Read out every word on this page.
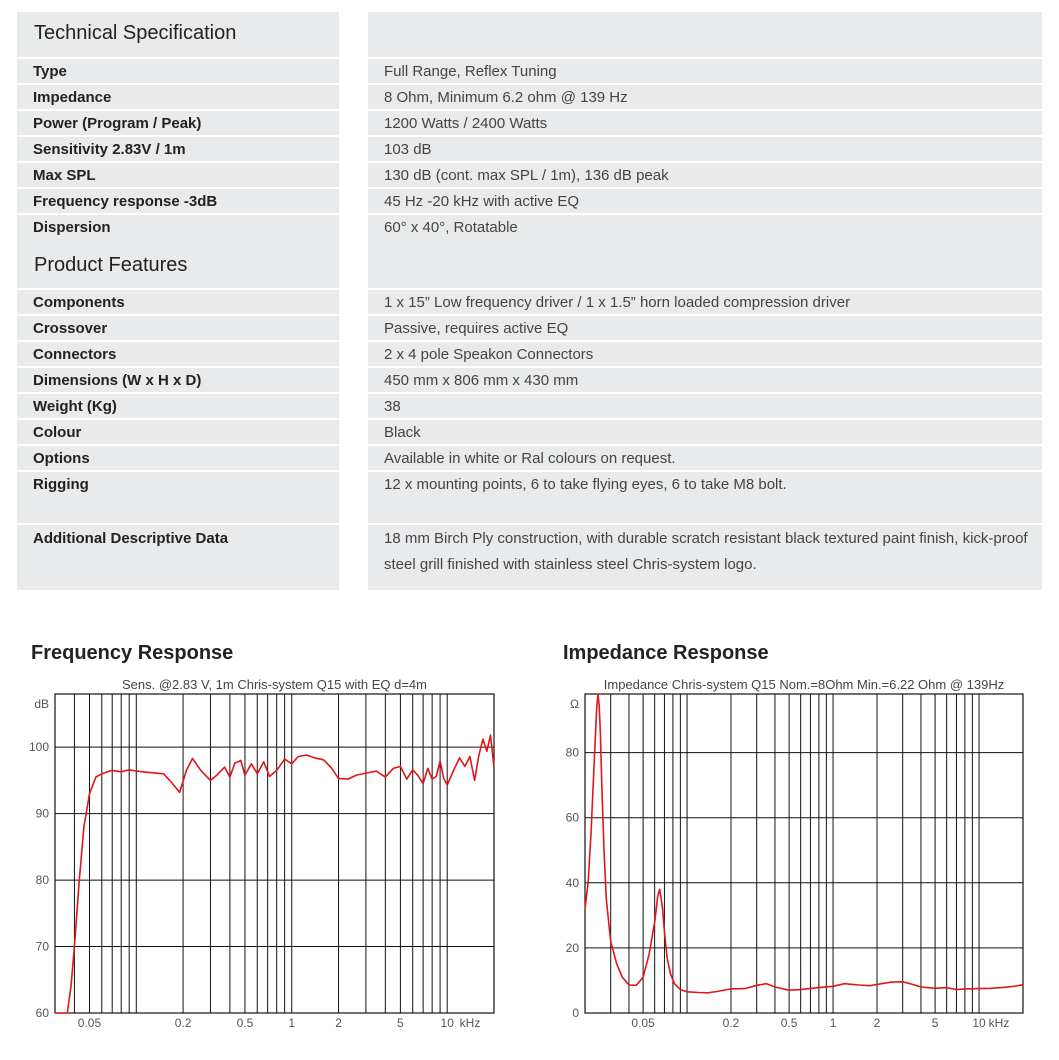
Technical Specification
Type	Full Range, Reflex Tuning
Impedance	8 Ohm, Minimum 6.2 ohm @ 139 Hz
Power (Program / Peak)	1200 Watts / 2400 Watts
Sensitivity 2.83V / 1m	103 dB
Max SPL	130 dB (cont. max SPL / 1m), 136 dB peak
Frequency response -3dB	45 Hz -20 kHz with active EQ
Dispersion	60° x 40°, Rotatable
Product Features
Components	1 x 15” Low frequency driver / 1 x 1.5” horn loaded compression driver
Crossover	Passive, requires active EQ
Connectors	2 x 4 pole Speakon Connectors
Dimensions (W x H x D)	450 mm x 806 mm x 430 mm
Weight (Kg)	38
Colour	Black
Options	Available in white or Ral colours on request.
Rigging	12 x mounting points, 6 to take flying eyes, 6 to take M8 bolt.
Additional Descriptive Data	18 mm Birch Ply construction, with durable scratch resistant black textured paint finish, kick-proof steel grill finished with stainless steel Chris-system logo.
Frequency Response
Sens. @2.83 V, 1m Chris-system Q15 with EQ d=4m
dB
60
70
80
90
100
0.05	0.2	0.5	1	2	5	10 kHz
Impedance Response
Impedance Chris-system Q15 Nom.=8Ohm Min.=6.22 Ohm @ 139Hz
Ω
0
20
40
60
80
0.05	0.2	0.5	1	2	5	10 kHz
